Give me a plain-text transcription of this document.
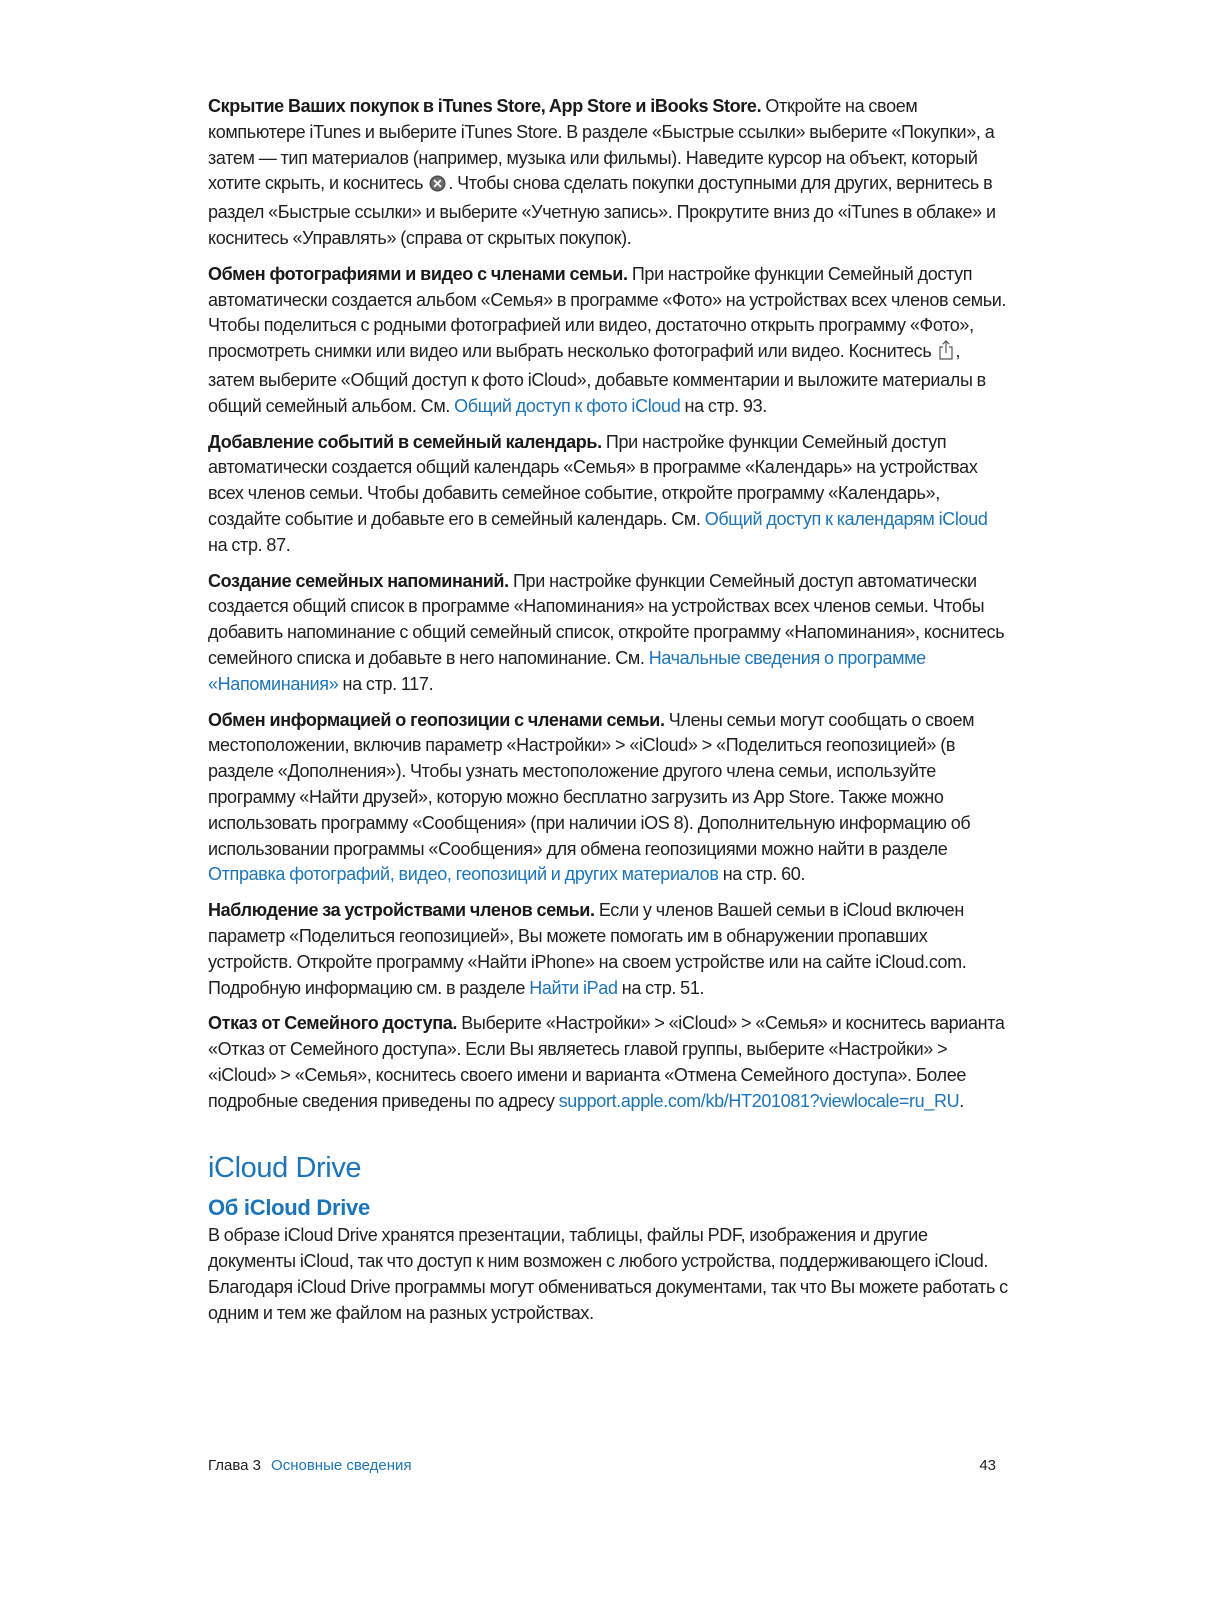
Скрытие Ваших покупок в iTunes Store, App Store и iBooks Store. Откройте на своем компьютере iTunes и выберите iTunes Store. В разделе «Быстрые ссылки» выберите «Покупки», а затем — тип материалов (например, музыка или фильмы). Наведите курсор на объект, который хотите скрыть, и коснитесь . Чтобы снова сделать покупки доступными для других, вернитесь в раздел «Быстрые ссылки» и выберите «Учетную запись». Прокрутите вниз до «iTunes в облаке» и коснитесь «Управлять» (справа от скрытых покупок).

Обмен фотографиями и видео с членами семьи. При настройке функции Семейный доступ автоматически создается альбом «Семья» в программе «Фото» на устройствах всех членов семьи. Чтобы поделиться с родными фотографией или видео, достаточно открыть программу «Фото», просмотреть снимки или видео или выбрать несколько фотографий или видео. Коснитесь , затем выберите «Общий доступ к фото iCloud», добавьте комментарии и выложите материалы в общий семейный альбом. См. Общий доступ к фото iCloud на стр. 93.

Добавление событий в семейный календарь. При настройке функции Семейный доступ автоматически создается общий календарь «Семья» в программе «Календарь» на устройствах всех членов семьи. Чтобы добавить семейное событие, откройте программу «Календарь», создайте событие и добавьте его в семейный календарь. См. Общий доступ к календарям iCloud на стр. 87.

Создание семейных напоминаний. При настройке функции Семейный доступ автоматически создается общий список в программе «Напоминания» на устройствах всех членов семьи. Чтобы добавить напоминание с общий семейный список, откройте программу «Напоминания», коснитесь семейного списка и добавьте в него напоминание. См. Начальные сведения о программе «Напоминания» на стр. 117.

Обмен информацией о геопозиции с членами семьи. Члены семьи могут сообщать о своем местоположении, включив параметр «Настройки» > «iCloud» > «Поделиться геопозицией» (в разделе «Дополнения»). Чтобы узнать местоположение другого члена семьи, используйте программу «Найти друзей», которую можно бесплатно загрузить из App Store. Также можно использовать программу «Сообщения» (при наличии iOS 8). Дополнительную информацию об использовании программы «Сообщения» для обмена геопозициями можно найти в разделе Отправка фотографий, видео, геопозиций и других материалов на стр. 60.

Наблюдение за устройствами членов семьи. Если у членов Вашей семьи в iCloud включен параметр «Поделиться геопозицией», Вы можете помогать им в обнаружении пропавших устройств. Откройте программу «Найти iPhone» на своем устройстве или на сайте iCloud.com. Подробную информацию см. в разделе Найти iPad на стр. 51.

Отказ от Семейного доступа. Выберите «Настройки» > «iCloud» > «Семья» и коснитесь варианта «Отказ от Семейного доступа». Если Вы являетесь главой группы, выберите «Настройки» > «iCloud» > «Семья», коснитесь своего имени и варианта «Отмена Семейного доступа». Более подробные сведения приведены по адресу support.apple.com/kb/HT201081?viewlocale=ru_RU.

iCloud Drive
Об iCloud Drive

В образе iCloud Drive хранятся презентации, таблицы, файлы PDF, изображения и другие документы iCloud, так что доступ к ним возможен с любого устройства, поддерживающего iCloud. Благодаря iCloud Drive программы могут обмениваться документами, так что Вы можете работать с одним и тем же файлом на разных устройствах.

Глава 3 Основные сведения	43
